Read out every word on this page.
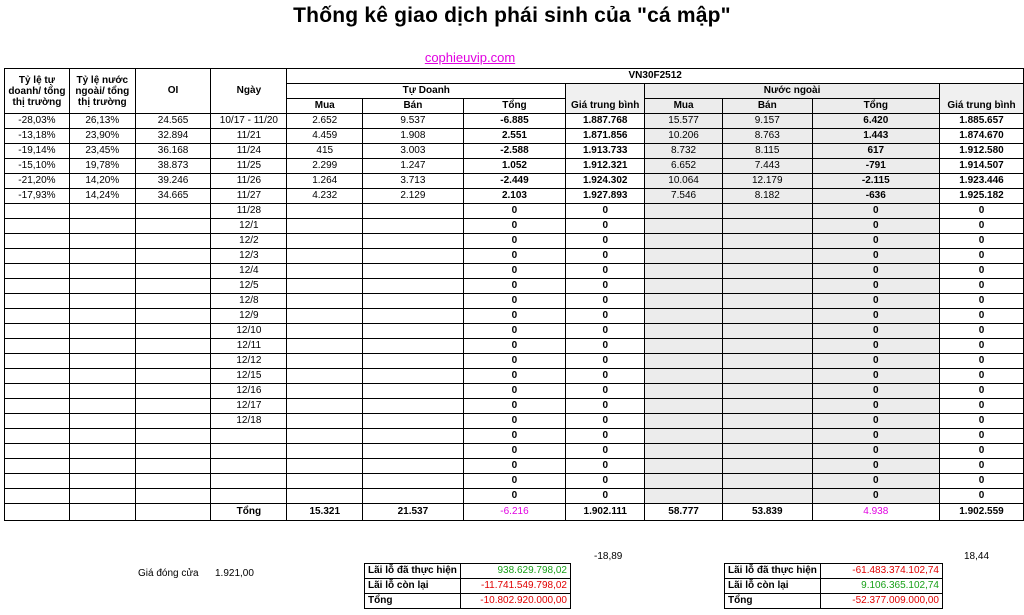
Thống kê giao dịch phái sinh của "cá mập"
cophieuvip.com
Tỷ lệ tự doanh/ tổng thị trường	Tỷ lệ nước ngoài/ tổng thị trường	OI	Ngày	VN30F2512							
				Tự Doanh			Giá trung bình	Nước ngoài			Giá trung bình
				Mua	Bán	Tổng		Mua	Bán	Tổng	
-28,03%	26,13%	24.565	10/17 - 11/20	2.652	9.537	-6.885	1.887.768	15.577	9.157	6.420	1.885.657
-13,18%	23,90%	32.894	11/21	4.459	1.908	2.551	1.871.856	10.206	8.763	1.443	1.874.670
-19,14%	23,45%	36.168	11/24	415	3.003	-2.588	1.913.733	8.732	8.115	617	1.912.580
-15,10%	19,78%	38.873	11/25	2.299	1.247	1.052	1.912.321	6.652	7.443	-791	1.914.507
-21,20%	14,20%	39.246	11/26	1.264	3.713	-2.449	1.924.302	10.064	12.179	-2.115	1.923.446
-17,93%	14,24%	34.665	11/27	4.232	2.129	2.103	1.927.893	7.546	8.182	-636	1.925.182
			11/28			0	0			0	0
			12/1			0	0			0	0
			12/2			0	0			0	0
			12/3			0	0			0	0
			12/4			0	0			0	0
			12/5			0	0			0	0
			12/8			0	0			0	0
			12/9			0	0			0	0
			12/10			0	0			0	0
			12/11			0	0			0	0
			12/12			0	0			0	0
			12/15			0	0			0	0
			12/16			0	0			0	0
			12/17			0	0			0	0
			12/18			0	0			0	0
						0	0			0	0
						0	0			0	0
						0	0			0	0
						0	0			0	0
						0	0			0	0
			Tổng	15.321	21.537	-6.216	1.902.111	58.777	53.839	4.938	1.902.559
-18,89	18,44
Giá đóng cửa 1.921,00	Lãi lỗ đã thực hiện	938.629.798,02
Lãi lỗ còn lại	-11.741.549.798,02
Tổng	-10.802.920.000,00
Lãi lỗ đã thực hiện	-61.483.374.102,74
Lãi lỗ còn lại	9.106.365.102,74
Tổng	-52.377.009.000,00
